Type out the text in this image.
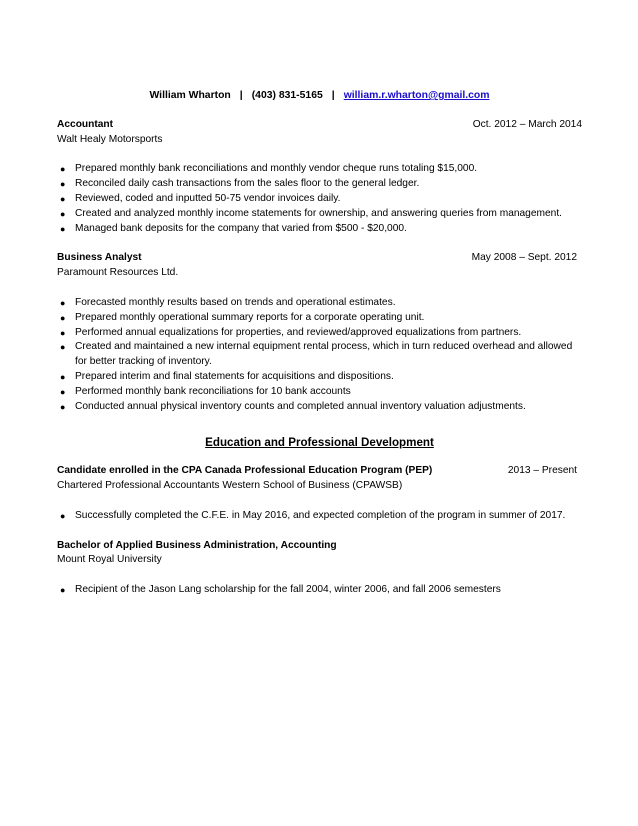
William Wharton | (403) 831-5165 | william.r.wharton@gmail.com
Accountant	Oct. 2012 – March 2014
Walt Healy Motorsports
● Prepared monthly bank reconciliations and monthly vendor cheque runs totaling $15,000.
● Reconciled daily cash transactions from the sales floor to the general ledger.
● Reviewed, coded and inputted 50-75 vendor invoices daily.
● Created and analyzed monthly income statements for ownership, and answering queries from management.
● Managed bank deposits for the company that varied from $500 - $20,000.
Business Analyst	May 2008 – Sept. 2012
Paramount Resources Ltd.
● Forecasted monthly results based on trends and operational estimates.
● Prepared monthly operational summary reports for a corporate operating unit.
● Performed annual equalizations for properties, and reviewed/approved equalizations from partners.
● Created and maintained a new internal equipment rental process, which in turn reduced overhead and allowed for better tracking of inventory.
● Prepared interim and final statements for acquisitions and dispositions.
● Performed monthly bank reconciliations for 10 bank accounts
● Conducted annual physical inventory counts and completed annual inventory valuation adjustments.
Education and Professional Development
Candidate enrolled in the CPA Canada Professional Education Program (PEP)	2013 – Present
Chartered Professional Accountants Western School of Business (CPAWSB)
● Successfully completed the C.F.E. in May 2016, and expected completion of the program in summer of 2017.
Bachelor of Applied Business Administration, Accounting
Mount Royal University
● Recipient of the Jason Lang scholarship for the fall 2004, winter 2006, and fall 2006 semesters
